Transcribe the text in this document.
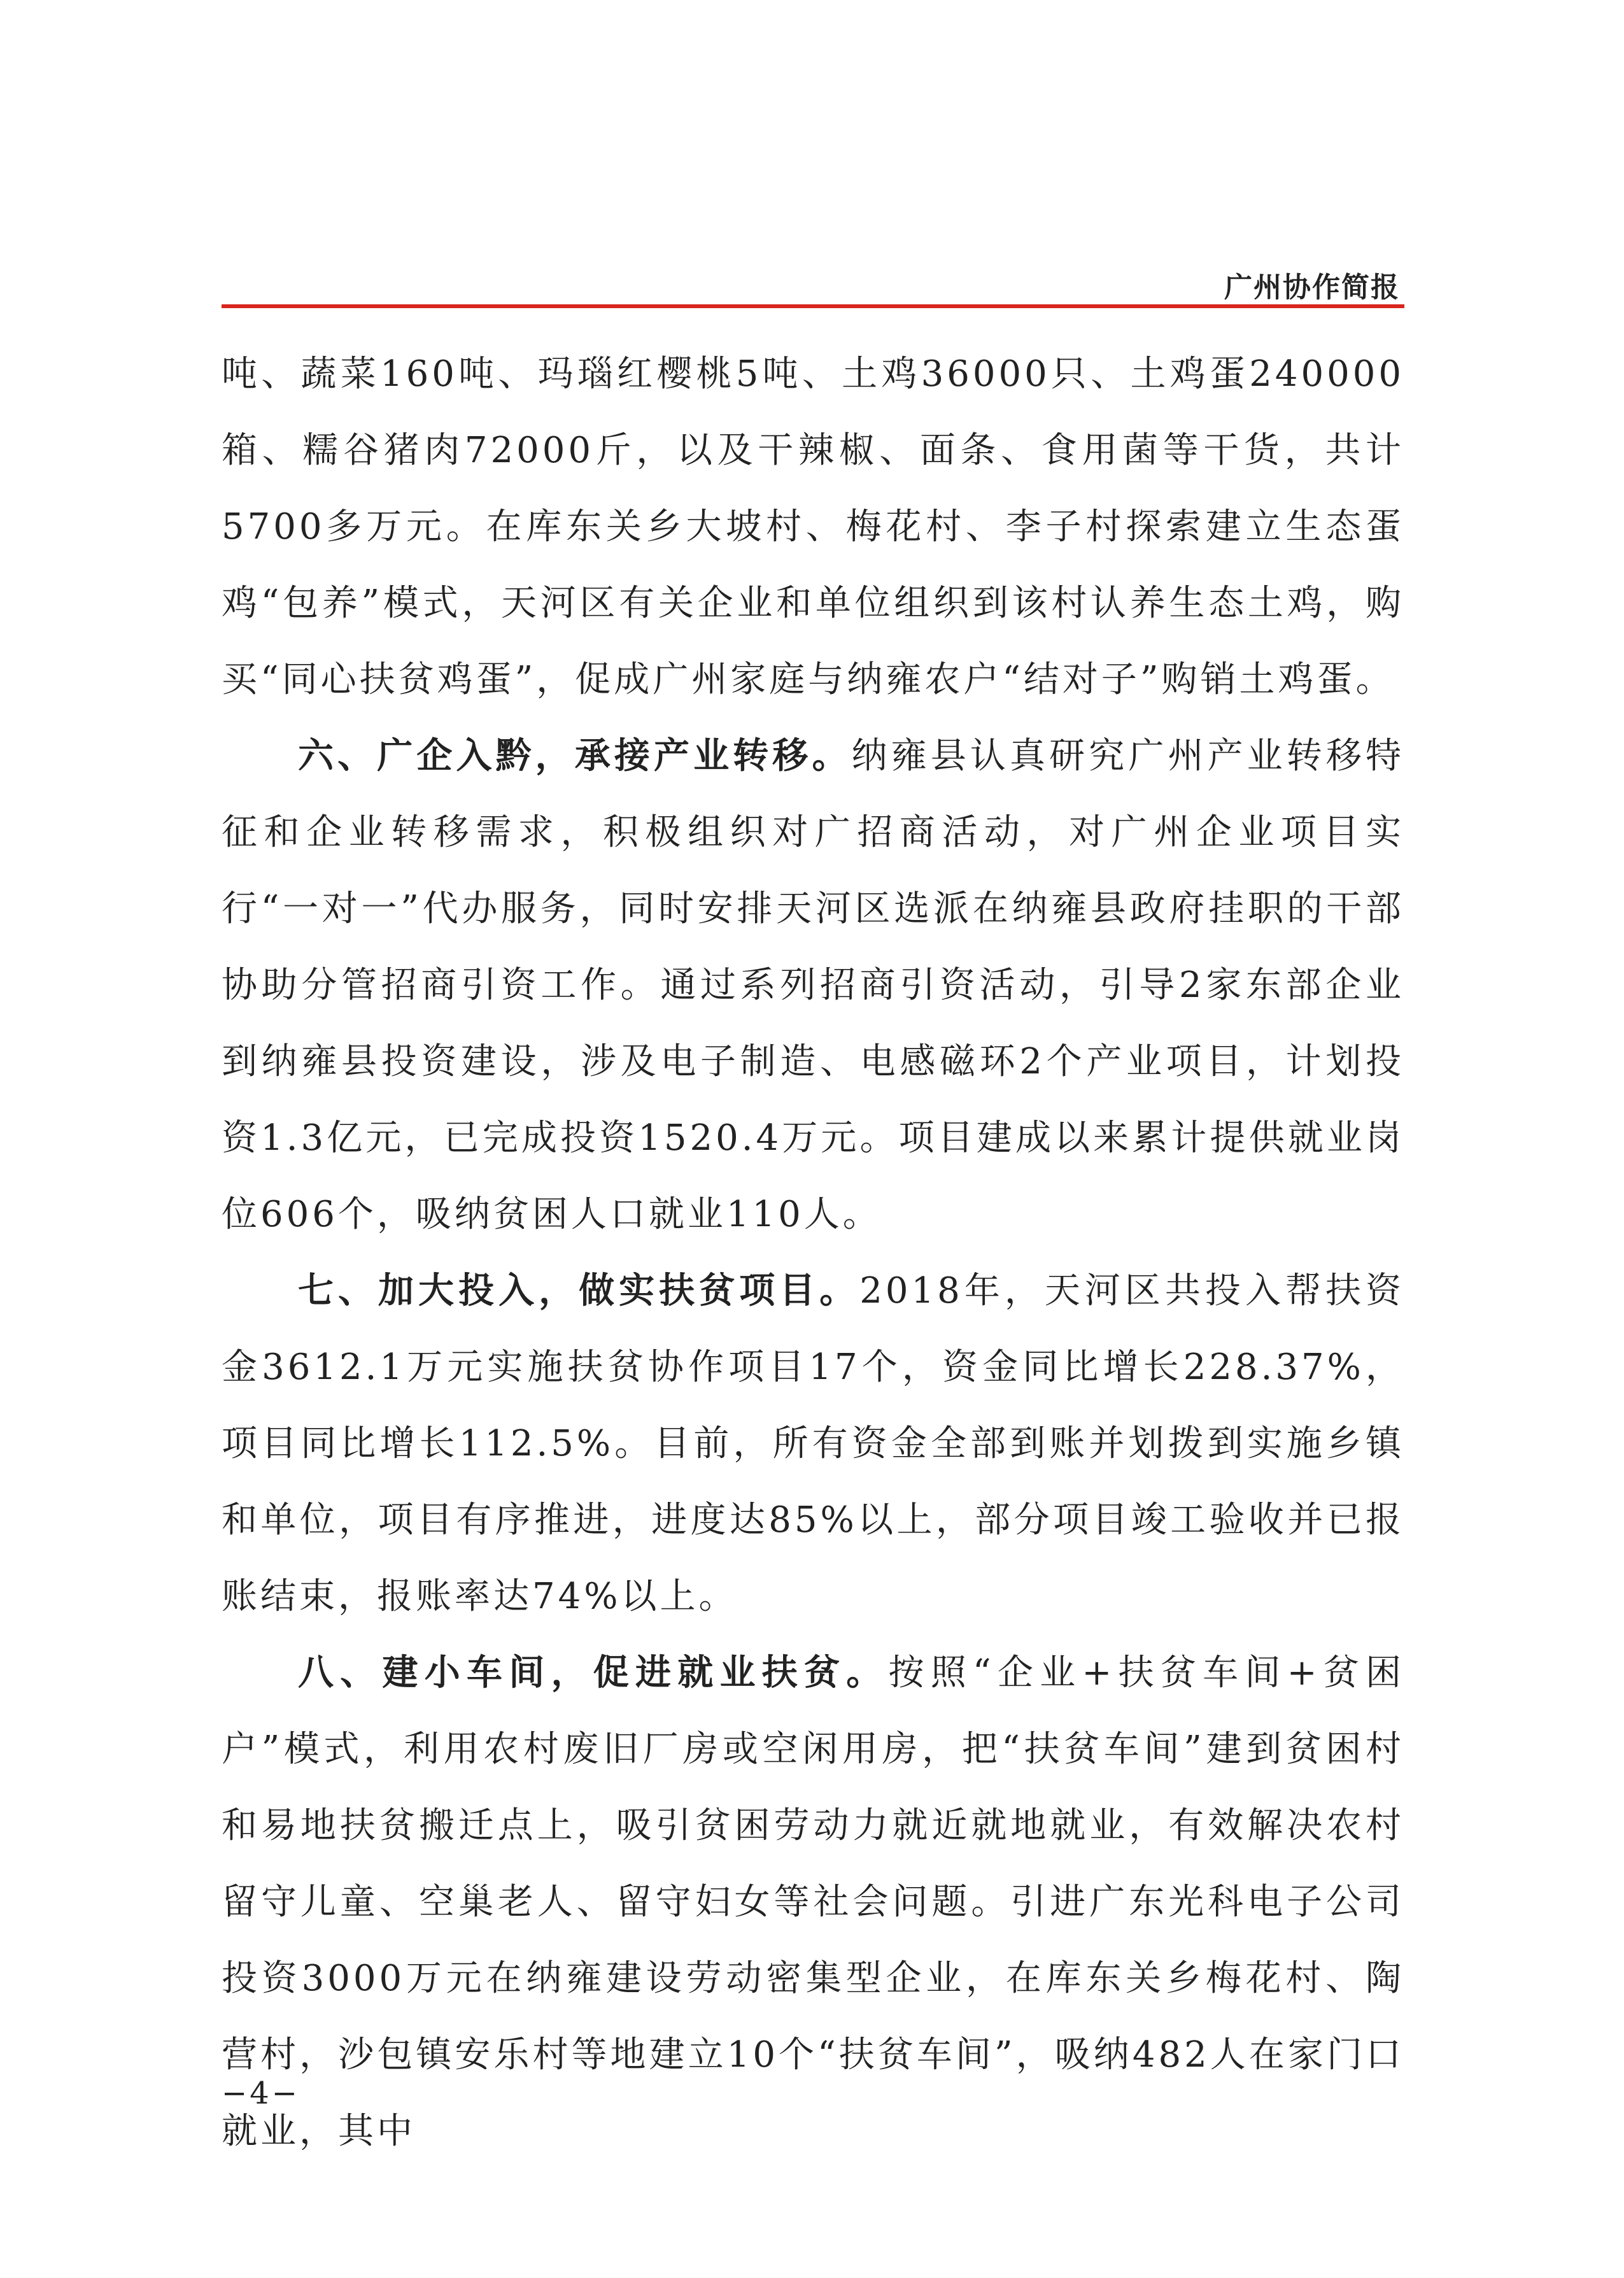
广州协作简报

吨、蔬菜160吨、玛瑙红樱桃5吨、土鸡36000只、土鸡蛋240000箱、糯谷猪肉72000斤，以及干辣椒、面条、食用菌等干货，共计5700多万元。在库东关乡大坡村、梅花村、李子村探索建立生态蛋鸡“包养”模式，天河区有关企业和单位组织到该村认养生态土鸡，购买“同心扶贫鸡蛋”，促成广州家庭与纳雍农户“结对子”购销土鸡蛋。

六、广企入黔，承接产业转移。纳雍县认真研究广州产业转移特征和企业转移需求，积极组织对广招商活动，对广州企业项目实行“一对一”代办服务，同时安排天河区选派在纳雍县政府挂职的干部协助分管招商引资工作。通过系列招商引资活动，引导2家东部企业到纳雍县投资建设，涉及电子制造、电感磁环2个产业项目，计划投资1.3亿元，已完成投资1520.4万元。项目建成以来累计提供就业岗位606个，吸纳贫困人口就业110人。

七、加大投入，做实扶贫项目。2018年，天河区共投入帮扶资金3612.1万元实施扶贫协作项目17个，资金同比增长228.37%，项目同比增长112.5%。目前，所有资金全部到账并划拨到实施乡镇和单位，项目有序推进，进度达85%以上，部分项目竣工验收并已报账结束，报账率达74%以上。

八、建小车间，促进就业扶贫。按照“企业+扶贫车间+贫困户”模式，利用农村废旧厂房或空闲用房，把“扶贫车间”建到贫困村和易地扶贫搬迁点上，吸引贫困劳动力就近就地就业，有效解决农村留守儿童、空巢老人、留守妇女等社会问题。引进广东光科电子公司投资3000万元在纳雍建设劳动密集型企业，在库东关乡梅花村、陶营村，沙包镇安乐村等地建立10个“扶贫车间”，吸纳482人在家门口就业，其中

−4−
